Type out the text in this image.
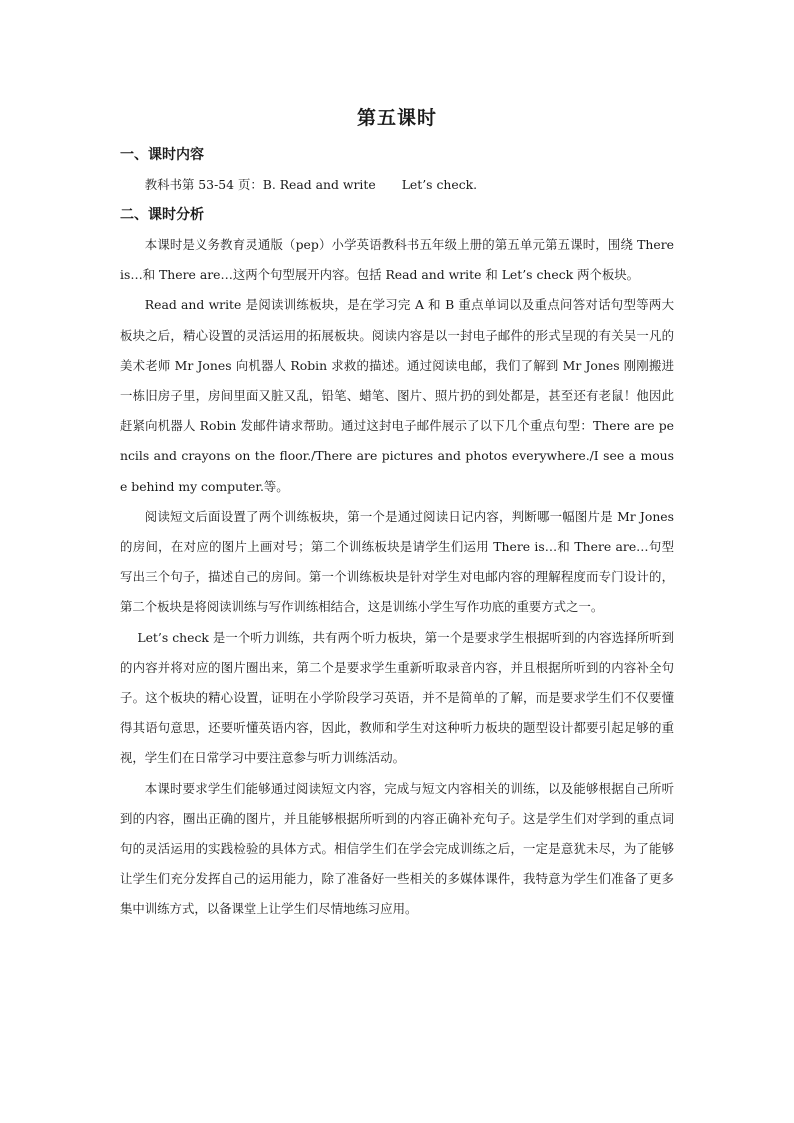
第五课时
一、课时内容

教科书第 53-54 页：B. Read and write Let’s check.

二、课时分析

本课时是义务教育灵通版（pep）小学英语教科书五年级上册的第五单元第五课时，围绕 There is…和 There are…这两个句型展开内容。包括 Read and write 和 Let’s check 两个板块。

Read and write 是阅读训练板块，是在学习完 A 和 B 重点单词以及重点问答对话句型等两大板块之后，精心设置的灵活运用的拓展板块。阅读内容是以一封电子邮件的形式呈现的有关吴一凡的美术老师 Mr Jones 向机器人 Robin 求救的描述。通过阅读电邮，我们了解到 Mr Jones 刚刚搬进一栋旧房子里，房间里面又脏又乱，铅笔、蜡笔、图片、照片扔的到处都是，甚至还有老鼠！他因此赶紧向机器人 Robin 发邮件请求帮助。通过这封电子邮件展示了以下几个重点句型：There are pencils and crayons on the floor./There are pictures and photos everywhere./I see a mouse behind my computer.等。

阅读短文后面设置了两个训练板块，第一个是通过阅读日记内容，判断哪一幅图片是 Mr Jones 的房间，在对应的图片上画对号；第二个训练板块是请学生们运用 There is…和 There are…句型写出三个句子，描述自己的房间。第一个训练板块是针对学生对电邮内容的理解程度而专门设计的，第二个板块是将阅读训练与写作训练相结合，这是训练小学生写作功底的重要方式之一。

Let’s check 是一个听力训练，共有两个听力板块，第一个是要求学生根据听到的内容选择所听到的内容并将对应的图片圈出来，第二个是要求学生重新听取录音内容，并且根据所听到的内容补全句子。这个板块的精心设置，证明在小学阶段学习英语，并不是简单的了解，而是要求学生们不仅要懂得其语句意思，还要听懂英语内容，因此，教师和学生对这种听力板块的题型设计都要引起足够的重视，学生们在日常学习中要注意参与听力训练活动。

本课时要求学生们能够通过阅读短文内容，完成与短文内容相关的训练，以及能够根据自己所听到的内容，圈出正确的图片，并且能够根据所听到的内容正确补充句子。这是学生们对学到的重点词句的灵活运用的实践检验的具体方式。相信学生们在学会完成训练之后，一定是意犹未尽，为了能够让学生们充分发挥自己的运用能力，除了准备好一些相关的多媒体课件，我特意为学生们准备了更多集中训练方式，以备课堂上让学生们尽情地练习应用。
